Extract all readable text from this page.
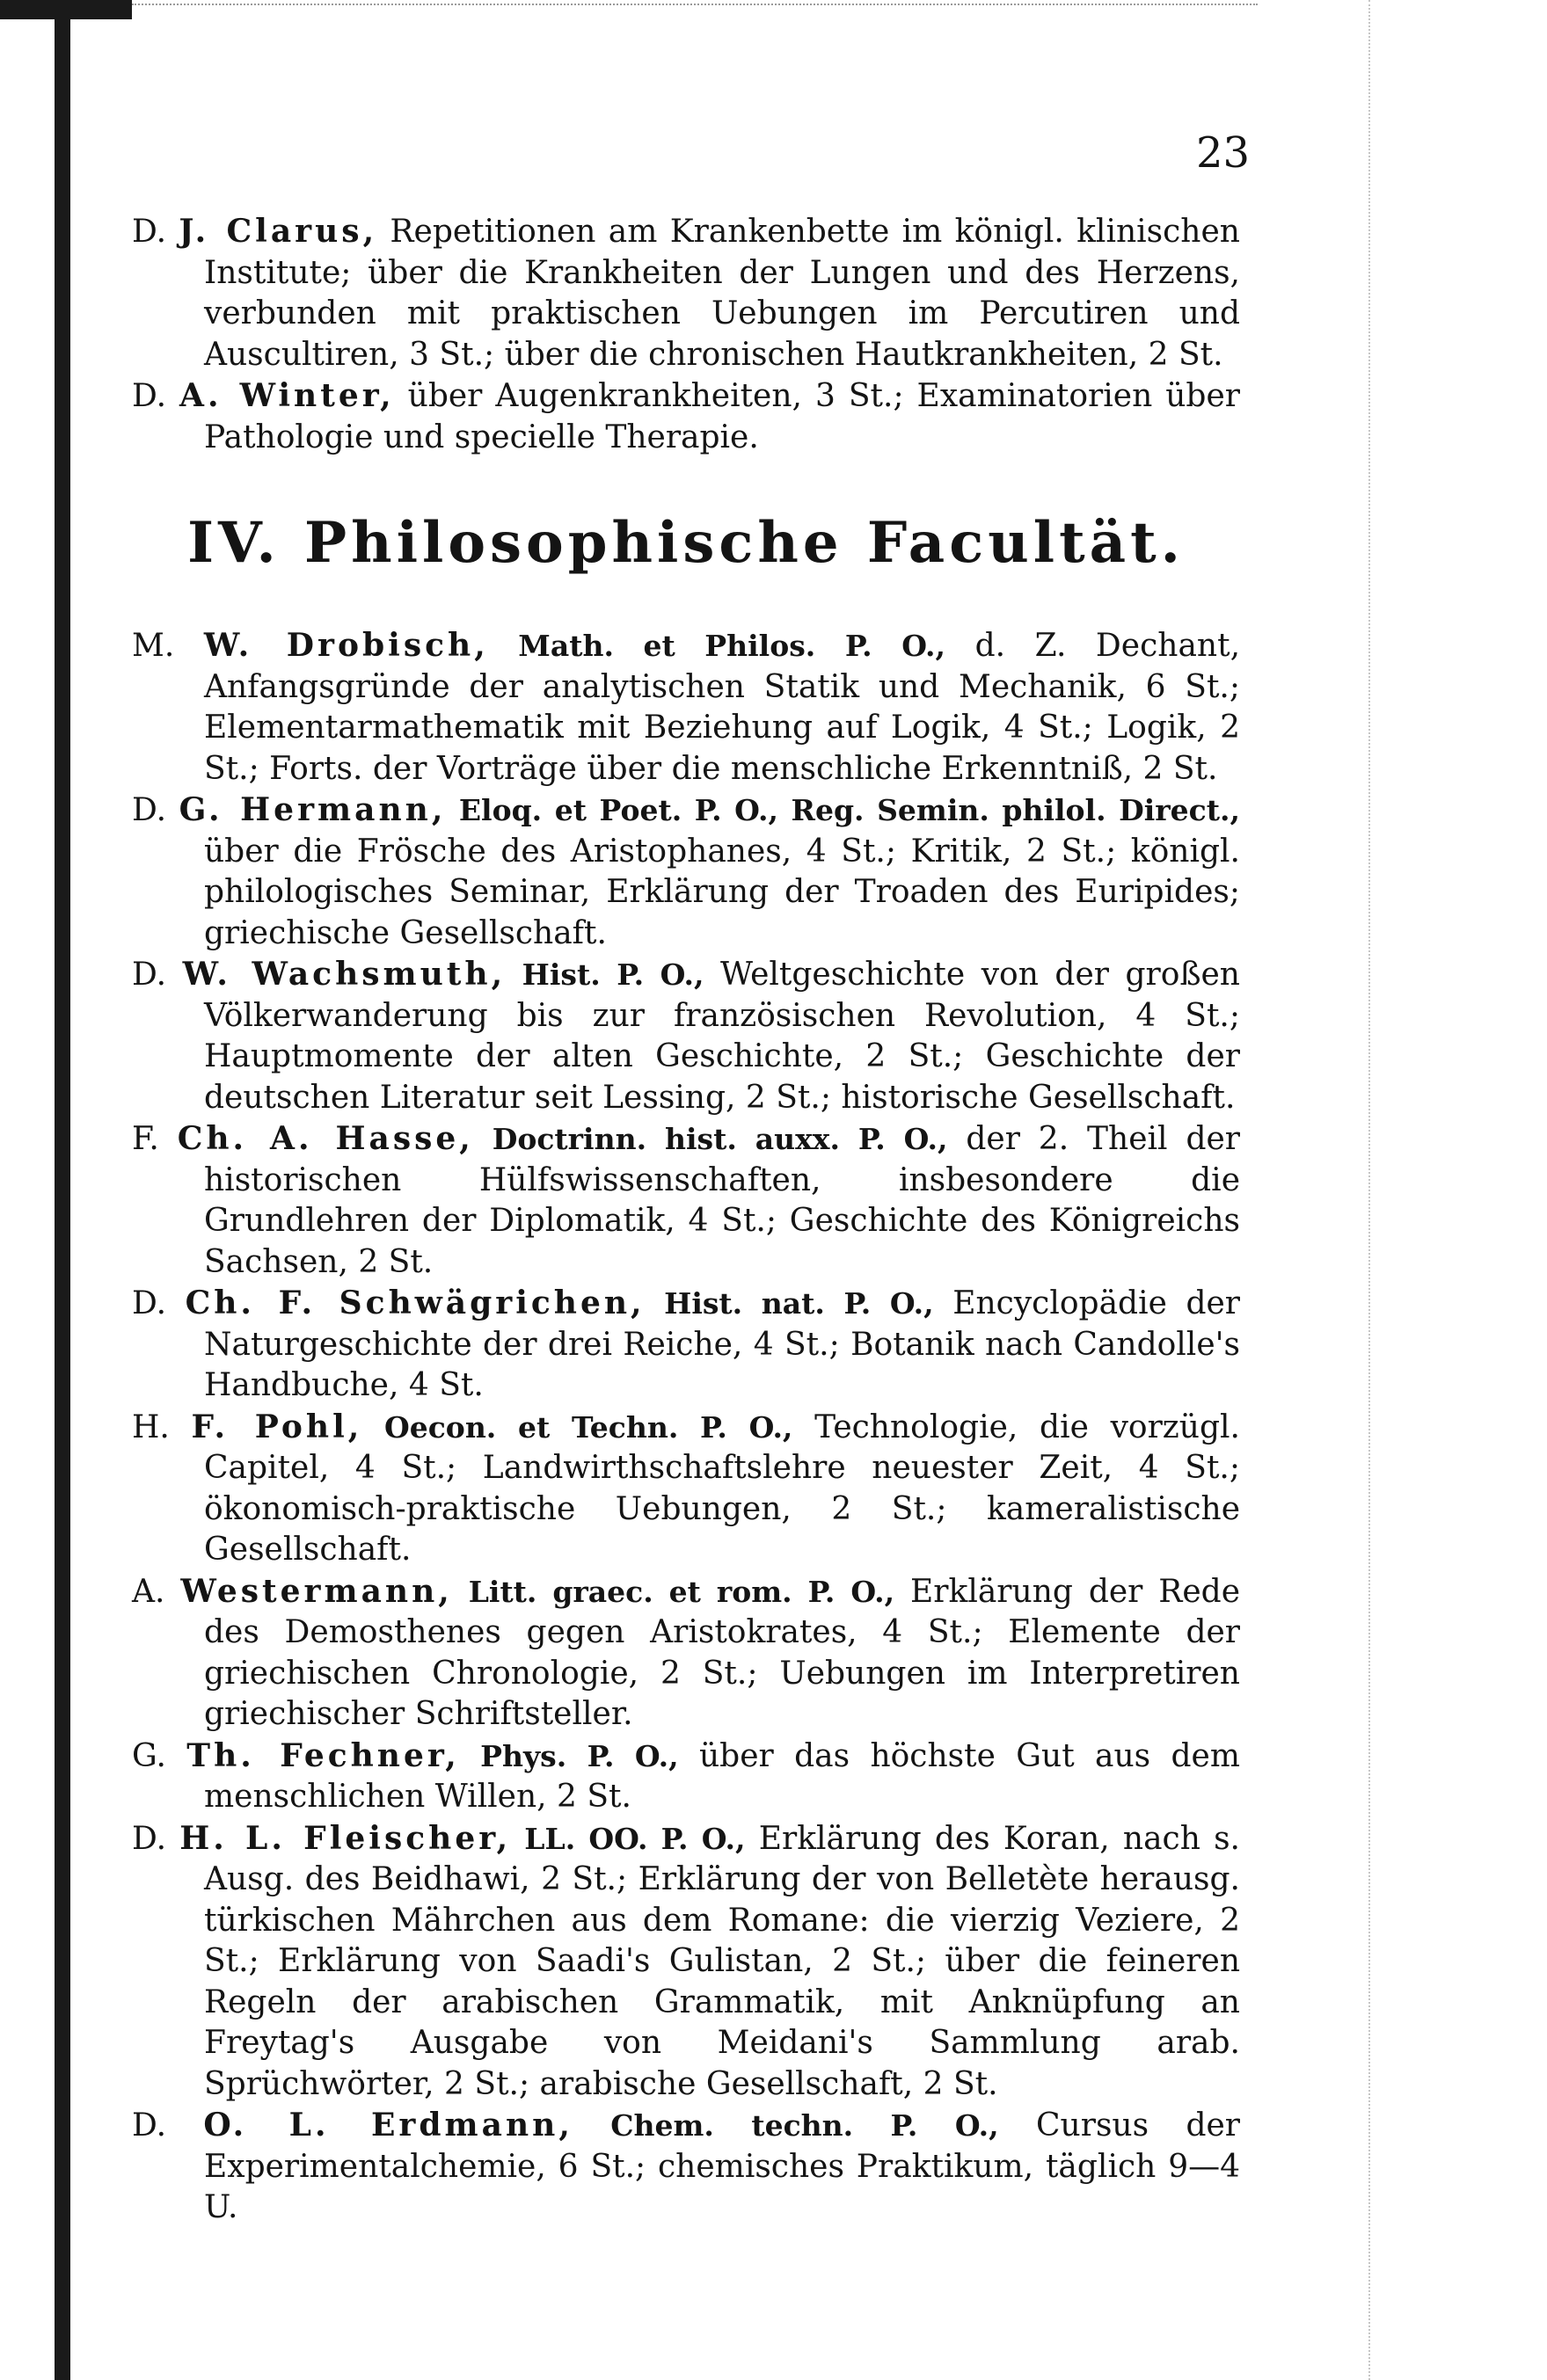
23

D. J. Clarus, Repetitionen am Krankenbette im königl. klinischen Institute; über die Krankheiten der Lungen und des Herzens, verbunden mit praktischen Uebungen im Percutiren und Auscultiren, 3 St.; über die chronischen Hautkrankheiten, 2 St.

D. A. Winter, über Augenkrankheiten, 3 St.; Examinatorien über Pathologie und specielle Therapie.

IV. Philosophische Facultät.

M. W. Drobisch, Math. et Philos. P. O., d. Z. Dechant, Anfangsgründe der analytischen Statik und Mechanik, 6 St.; Elementarmathematik mit Beziehung auf Logik, 4 St.; Logik, 2 St.; Forts. der Vorträge über die menschliche Erkenntniß, 2 St.

D. G. Hermann, Eloq. et Poet. P. O., Reg. Semin. philol. Direct., über die Frösche des Aristophanes, 4 St.; Kritik, 2 St.; königl. philologisches Seminar, Erklärung der Troaden des Euripides; griechische Gesellschaft.

D. W. Wachsmuth, Hist. P. O., Weltgeschichte von der großen Völkerwanderung bis zur französischen Revolution, 4 St.; Hauptmomente der alten Geschichte, 2 St.; Geschichte der deutschen Literatur seit Lessing, 2 St.; historische Gesellschaft.

F. Ch. A. Hasse, Doctrinn. hist. auxx. P. O., der 2. Theil der historischen Hülfswissenschaften, insbesondere die Grundlehren der Diplomatik, 4 St.; Geschichte des Königreichs Sachsen, 2 St.

D. Ch. F. Schwägrichen, Hist. nat. P. O., Encyclopädie der Naturgeschichte der drei Reiche, 4 St.; Botanik nach Candolle's Handbuche, 4 St.

H. F. Pohl, Oecon. et Techn. P. O., Technologie, die vorzügl. Capitel, 4 St.; Landwirthschaftslehre neuester Zeit, 4 St.; ökonomisch-praktische Uebungen, 2 St.; kameralistische Gesellschaft.

A. Westermann, Litt. graec. et rom. P. O., Erklärung der Rede des Demosthenes gegen Aristokrates, 4 St.; Elemente der griechischen Chronologie, 2 St.; Uebungen im Interpretiren griechischer Schriftsteller.

G. Th. Fechner, Phys. P. O., über das höchste Gut aus dem menschlichen Willen, 2 St.

D. H. L. Fleischer, LL. OO. P. O., Erklärung des Koran, nach s. Ausg. des Beidhawi, 2 St.; Erklärung der von Belletète herausg. türkischen Mährchen aus dem Romane: die vierzig Veziere, 2 St.; Erklärung von Saadi's Gulistan, 2 St.; über die feineren Regeln der arabischen Grammatik, mit Anknüpfung an Freytag's Ausgabe von Meidani's Sammlung arab. Sprüchwörter, 2 St.; arabische Gesellschaft, 2 St.

D. O. L. Erdmann, Chem. techn. P. O., Cursus der Experimentalchemie, 6 St.; chemisches Praktikum, täglich 9—4 U.
